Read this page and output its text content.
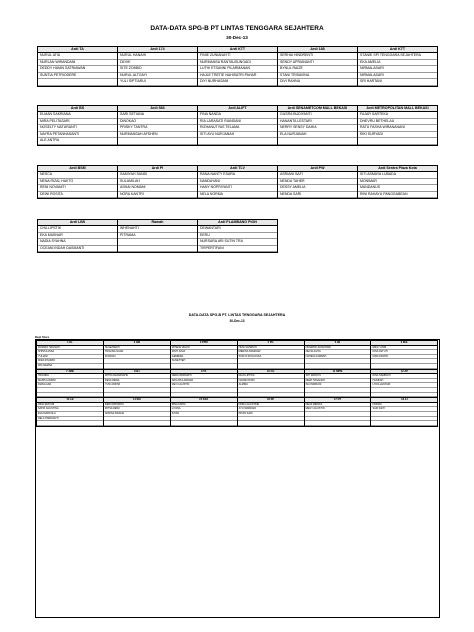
DATA-DATA SPG-B PT LINTAS TENGGARA SEJAHTERA
30-Dec-13
Ardi TA
NURUL ATIA
NURLAN WIRANDANI
DEDDY HANIN SATRIAWAN
SUNTIA PETRIODERE
Ardi 174
NURUL HANAHI
DEVIE
SITE ZOMBO
NURUL ALTOAYI
YULI SIPTIARUI
Ardi KTT
FINIE ZUNIANAYTI
NURMANSA RANTAUSUNGADI
LUTHI ETSANNI PILARMANAN
HAJLE TRETIE NAHISATRI PAHAR
DIYI NURHASANI
Ardi 188
SERHAI HINDRENTI
SENDY APRIANANTI
BYNUL RAIZE
STANI TRISAVINA
DIVI RAHNA
Ardi KTT
STANIE SPI TENGGARA SEJAHTERA
EKA AMELIA
NIRMALASARI
NIRMALASARI
SRI HARTANI
Ardi BS
ELMAN SAKRIANA
MIRA PELITASARI
NOSELTY NATURANTI
NAYRA PETANHASANTI
ALE ANTRA
Ardi 583
SARI SETIANA
DINOKAO
PRISKY TANTRA
NURMANSAH AFSHEN
Ardi ALIFT
FINA NANDA
RIA LARASATI RIANDANI
RIZHANUTYAS TELAMA
SITI AYU NURJANAH
Ardi SENAMETCOM MALL BEKASI
GUSRA BUDIYANTI
HANANTA LESTARI
NERRY SENSY DAHIA
ELA NURJANAH
Ardi METROPOLITAN MALL BEKASI
FAJAR SARTEKA
DHEVRU BETHELAU
RATU FASHA WIRANANANI
RIKI SURYADI
Ardi BSM
NESCA
NENA RIZAL HAKTO
RENI NOVANITI
DEWI ROSITA
Ardi PI
SAMIYAH SANDI
SULAMILAH
ASHAI NOMANI
NORA KANTRI
Ardi TLV
RANA NANTY ESARA
NANDAYANI
HANY NOPRIYANTI
NELA NORMA
Ardi PW
ASRIANI SAFI
NENDA TAHER
DESSY AMELIA
NENDA SARI
Ardi Sentra Plaza Kota
SITI ASMAYA LUBADA
MONIMAR
MANDANUS
RINI RAHAYU PANGGABEAN
Ardi LBS
CHA LIPSTIK
EKA MASNAR
NADIA SYAHNA
OCEANI INDAH DASMANTI
Ramah
WHENAHTI
PITRAMA
Ardi PLAMBANG PION
DEWANTARI
EERU
NURSARA ARI SUTIN TRA
TIRPERTIFANI
DATA-DATA SPG-B PT. LINTAS TENGGARA SEJAHTERA
30-Dec-13
Dept Store
1 HL
ROMANI HALIMAH
SHINTA ANSA
YULIANI
MIRA FINURNI
WIA NEMSA
2 HM
SUGESWATI
TRIANSA NANA
KUNDAN
3 PPM
WHENA VELINI
RISTI AINIA
GEMBIRA
SUNETTEH
4 PG
HUNI NASRIAH
MERINA DAMIDAR
SONYA KHAUJUSA
5 JB
NOMATRI ALIMAHANI
DEVIA AGITA
NAHIDA KAMRAH
6 MJL
EMILY ANDI
DINA ASTUTI
NIPA RANTRI
7 JMB
TRIANDA
MASHA ANDINI
DIANA AAN
8 BJ
MITHA MARIANAHU
DEVA DEWA
YUNI ARDHA
9 TA
NEDA WINDARTI
ARIA WULANDARI
DEVI AGUSTIN
10 CG
DIAN LIPTIKA
NAOMI PATRI
ALMIRA
11 MPM
SITI RAHAYU
DEWI HASANAH
INA INDRIANI
12 AP
DINA HAMIDAH
HANIFAH
LYDIA LESTARI
13 LB
RINA SETIANI
SATRI AGUSTINA
EVA MARCOLA
NELA HARDIANTI
14 MH
DEWI PATMAHA
MITSA DEWI
ANNISA KIRANA
15 KSA
IRNA AISHA
LIYANA
INTAN
16 SP
NONA AGUSTINE
AYU WARDANI
INTAN SARI
17 DT
DEVA MENIKA
MEILY AGUSTIN
18 JJ
FRINDA
SARI ASIH
